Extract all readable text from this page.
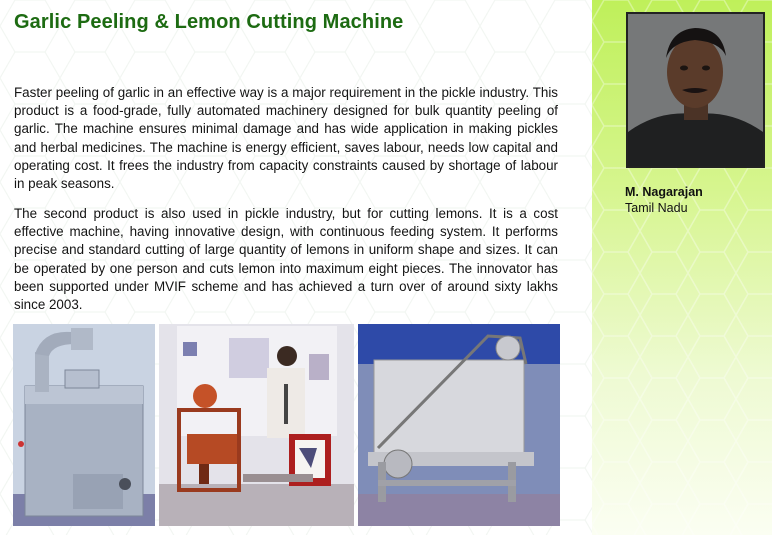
Garlic Peeling & Lemon Cutting Machine

Faster peeling of garlic in an effective way is a major requirement in the pickle industry. This product is a food-grade, fully automated machinery designed for bulk quantity peeling of garlic. The machine ensures minimal damage and has wide application in making pickles and herbal medicines. The machine is energy efficient, saves labour, needs low capital and operating cost. It frees the industry from capacity constraints caused by shortage of labour in peak seasons.

The second product is also used in pickle industry, but for cutting lemons. It is a cost effective machine, having innovative design, with continuous feeding system. It performs precise and standard cutting of large quantity of lemons in uniform shape and sizes. It can be operated by one person and cuts lemon into maximum eight pieces. The innovator has been supported under MVIF scheme and has achieved a turn over of around sixty lakhs since 2003.

M. Nagarajan
Tamil Nadu
